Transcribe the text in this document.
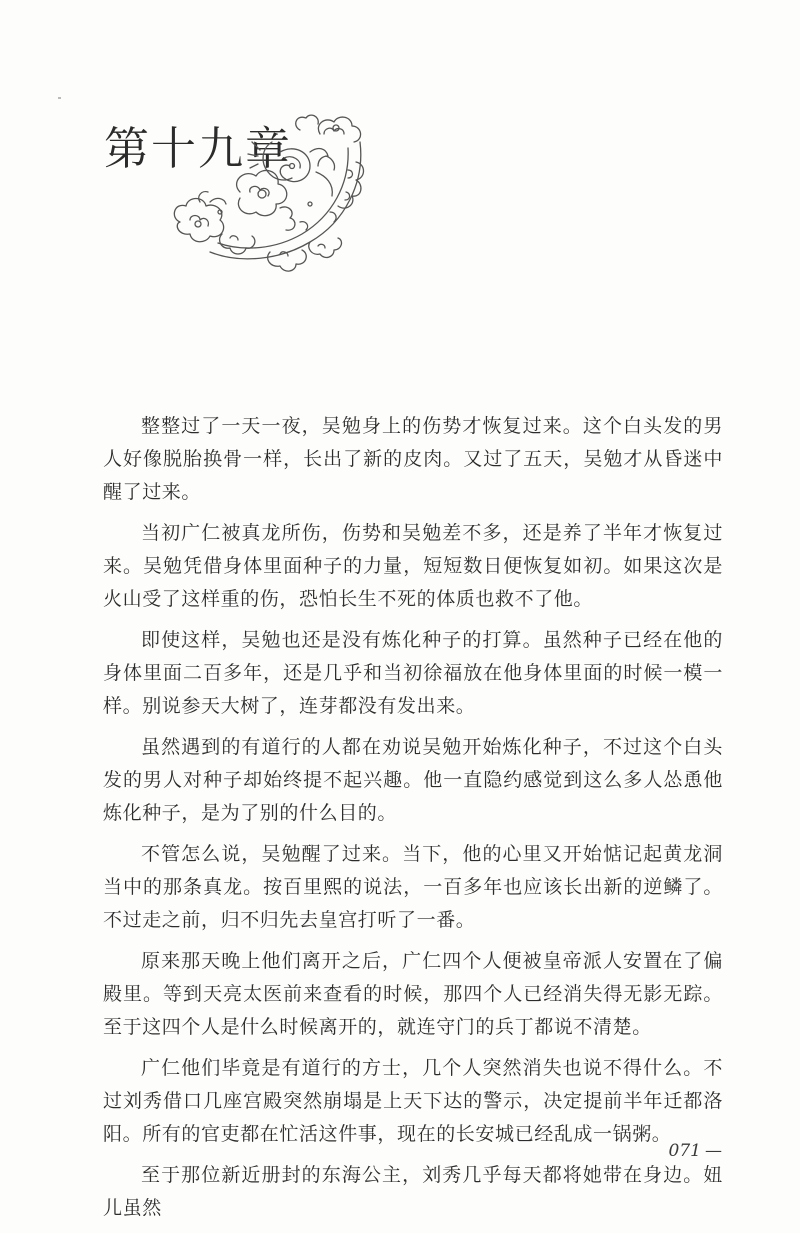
第十九章

整整过了一天一夜，吴勉身上的伤势才恢复过来。这个白头发的男人好像脱胎换骨一样，长出了新的皮肉。又过了五天，吴勉才从昏迷中醒了过来。

当初广仁被真龙所伤，伤势和吴勉差不多，还是养了半年才恢复过来。吴勉凭借身体里面种子的力量，短短数日便恢复如初。如果这次是火山受了这样重的伤，恐怕长生不死的体质也救不了他。

即使这样，吴勉也还是没有炼化种子的打算。虽然种子已经在他的身体里面二百多年，还是几乎和当初徐福放在他身体里面的时候一模一样。别说参天大树了，连芽都没有发出来。

虽然遇到的有道行的人都在劝说吴勉开始炼化种子，不过这个白头发的男人对种子却始终提不起兴趣。他一直隐约感觉到这么多人怂恿他炼化种子，是为了别的什么目的。

不管怎么说，吴勉醒了过来。当下，他的心里又开始惦记起黄龙洞当中的那条真龙。按百里熙的说法，一百多年也应该长出新的逆鳞了。不过走之前，归不归先去皇宫打听了一番。

原来那天晚上他们离开之后，广仁四个人便被皇帝派人安置在了偏殿里。等到天亮太医前来查看的时候，那四个人已经消失得无影无踪。至于这四个人是什么时候离开的，就连守门的兵丁都说不清楚。

广仁他们毕竟是有道行的方士，几个人突然消失也说不得什么。不过刘秀借口几座宫殿突然崩塌是上天下达的警示，决定提前半年迁都洛阳。所有的官吏都在忙活这件事，现在的长安城已经乱成一锅粥。

至于那位新近册封的东海公主，刘秀几乎每天都将她带在身边。妞儿虽然

071 —
